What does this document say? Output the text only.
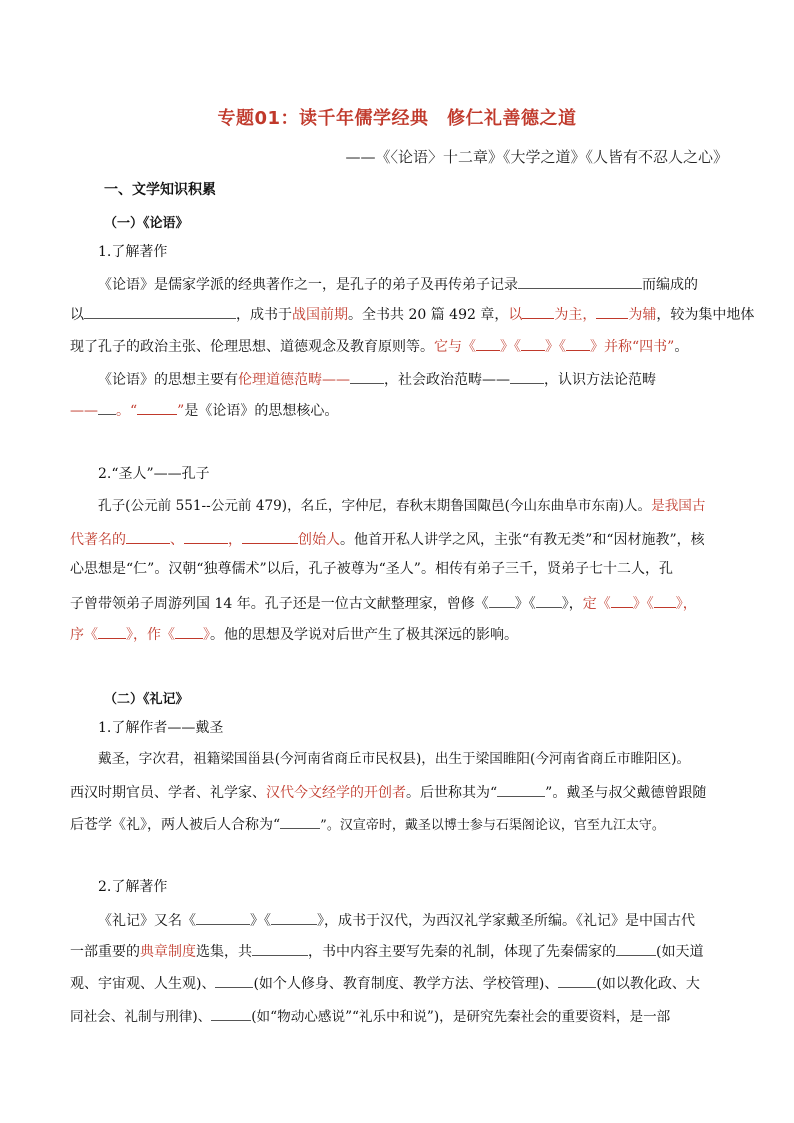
专题01：读千年儒学经典　修仁礼善德之道
——《〈论语〉十二章》《大学之道》《人皆有不忍人之心》
一、文学知识积累
（一）《论语》
1.了解著作
《论语》是儒家学派的经典著作之一，是孔子的弟子及再传弟子记录	而编成的
以	，成书于战国前期。全书共 20 篇 492 章，以 为主， 为辅，较为集中地体
现了孔子的政治主张、伦理思想、道德观念及教育原则等。它与《 》《 》《 》并称“四书”。
《论语》的思想主要有伦理道德范畴—— ，社会政治范畴—— ，认识方法论范畴
—— 。“	”是《论语》的思想核心。
2.“圣人”——孔子
孔子(公元前 551--公元前 479)，名丘，字仲尼，春秋末期鲁国陬邑(今山东曲阜市东南)人。是我国古
代著名的	、	，	创始人。他首开私人讲学之风，主张“有教无类”和“因材施教”，核
心思想是“仁”。汉朝“独尊儒术”以后，孔子被尊为“圣人”。相传有弟子三千，贤弟子七十二人，孔
子曾带领弟子周游列国 14 年。孔子还是一位古文献整理家，曾修《 》《 》，定《 》《 》，
序《 》，作《 》。他的思想及学说对后世产生了极其深远的影响。
（二）《礼记》
1.了解作者——戴圣
戴圣，字次君，祖籍梁国甾县(今河南省商丘市民权县)，出生于梁国睢阳(今河南省商丘市睢阳区)。
西汉时期官员、学者、礼学家、汉代今文经学的开创者。后世称其为“	”。戴圣与叔父戴德曾跟随
后苍学《礼》，两人被后人合称为“	”。汉宣帝时，戴圣以博士参与石渠阁论议，官至九江太守。
2.了解著作
《礼记》又名《	》《	》，成书于汉代，为西汉礼学家戴圣所编。《礼记》是中国古代
一部重要的典章制度选集，共	，书中内容主要写先秦的礼制，体现了先秦儒家的	(如天道
观、宇宙观、人生观)、	(如个人修身、教育制度、教学方法、学校管理)、	(如以教化政、大
同社会、礼制与刑律)、	(如“物动心感说”“礼乐中和说”)，是研究先秦社会的重要资料，是一部
